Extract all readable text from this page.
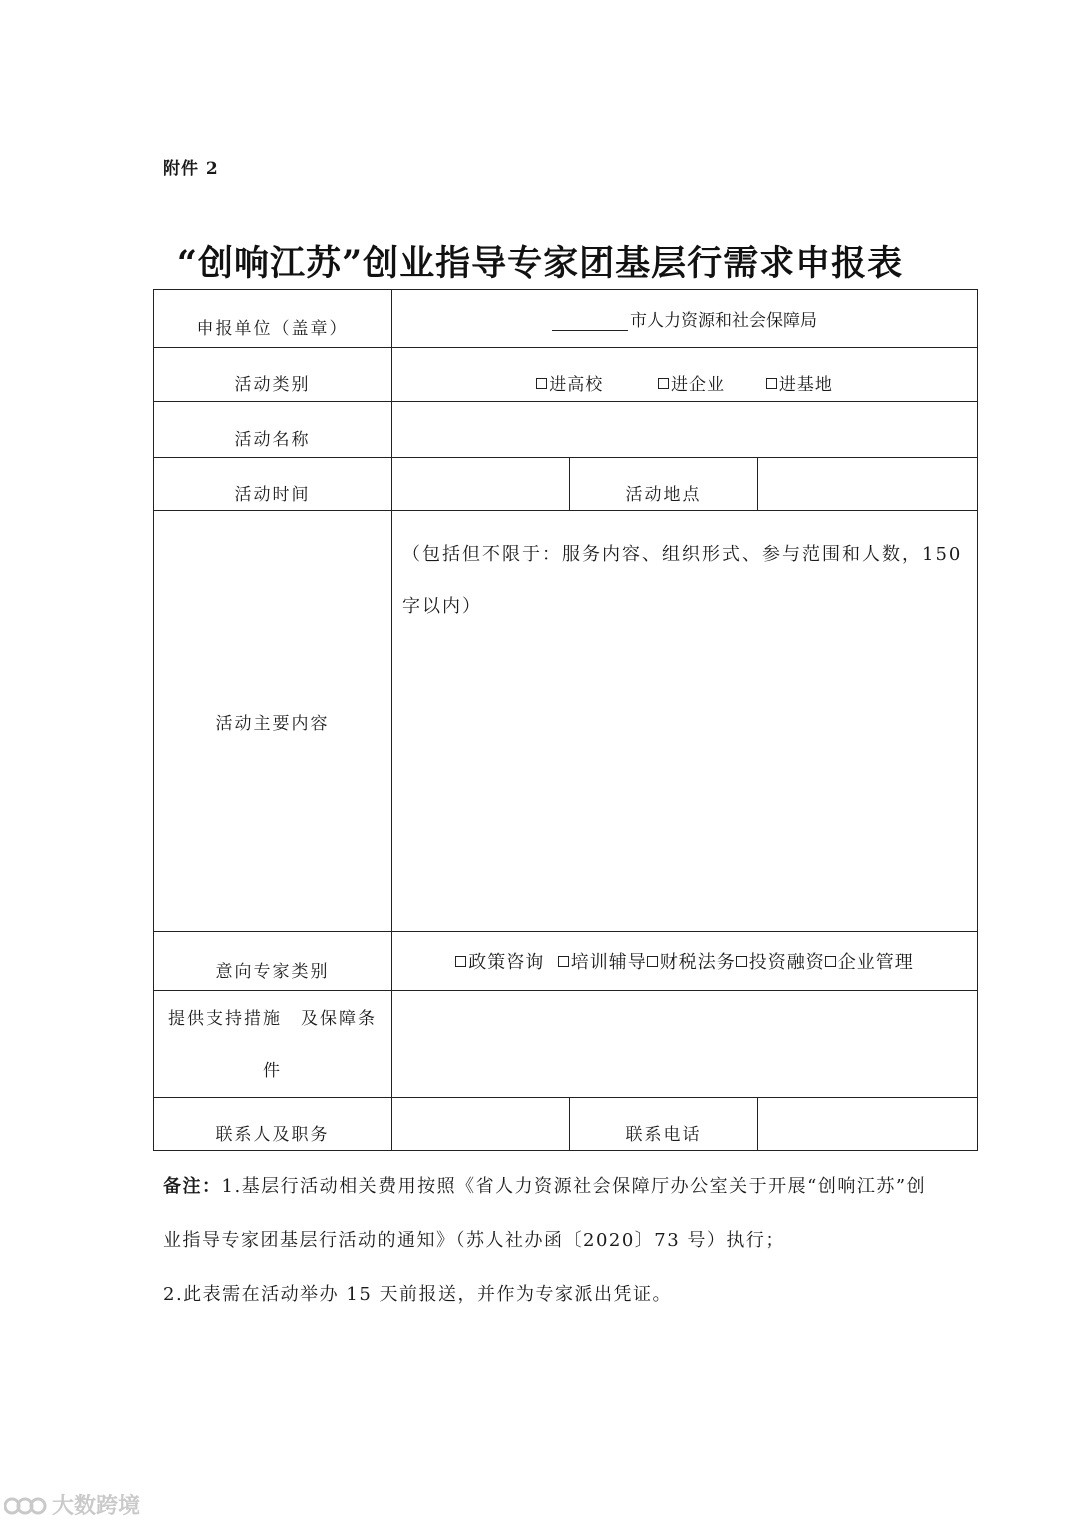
附件 2
“创响江苏”创业指导专家团基层行需求申报表
申报单位（盖章）	市人力资源和社会保障局		

活动类别	进高校 进企业 进基地		

活动名称			

活动时间		活动地点	

活动主要内容	（包括但不限于：服务内容、组织形式、参与范围和人数，150 字以内）		

意向专家类别	政策咨询 培训辅导 财税法务 投资融资 企业管理		

提供支持措施　及保障条
件			

联系人及职务		联系电话	

备注：1.基层行活动相关费用按照《省人力资源社会保障厅办公室关于开展“创响江苏”创业指导专家团基层行活动的通知》（苏人社办函〔2020〕73 号）执行；
2.此表需在活动举办 15 天前报送，并作为专家派出凭证。
大数跨境
